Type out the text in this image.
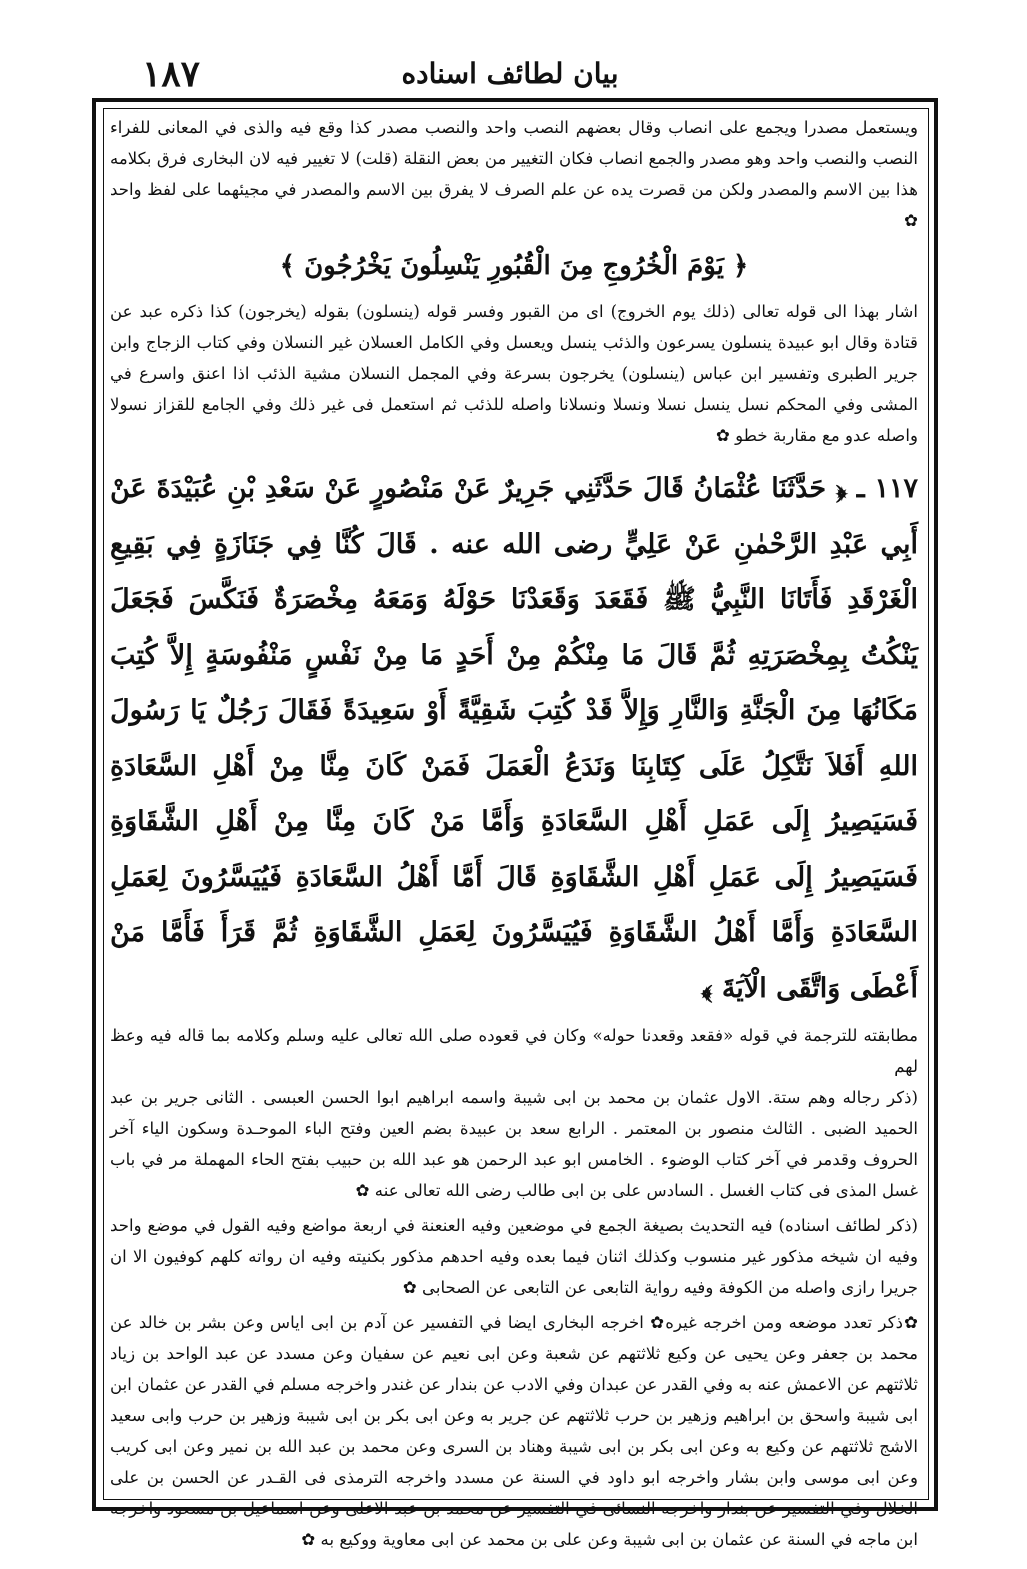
١٨٧	بيان لطائف اسناده

ويستعمل مصدرا ويجمع على انصاب وقال بعضهم النصب واحد والنصب مصدر كذا وقع فيه والذى في المعانى للفراء النصب والنصب واحد وهو مصدر والجمع انصاب فكان التغيير من بعض النقلة (قلت) لا تغيير فيه لان البخارى فرق بكلامه هذا بين الاسم والمصدر ولكن من قصرت يده عن علم الصرف لا يفرق بين الاسم والمصدر في مجيئهما على لفظ واحد ✿

﴿ يَوْمَ الْخُرُوجِ مِنَ الْقُبُورِ يَنْسِلُونَ يَخْرُجُونَ ﴾

اشار بهذا الى قوله تعالى (ذلك يوم الخروج) اى من القبور وفسر قوله (ينسلون) بقوله (يخرجون) كذا ذكره عبد عن قتادة وقال ابو عبيدة ينسلون يسرعون والذئب ينسل ويعسل وفي الكامل العسلان غير النسلان وفي كتاب الزجاج وابن جرير الطبرى وتفسير ابن عباس (ينسلون) يخرجون بسرعة وفي المجمل النسلان مشية الذئب اذا اعنق واسرع في المشى وفي المحكم نسل ينسل نسلا ونسلا ونسلانا واصله للذئب ثم استعمل فى غير ذلك وفي الجامع للقزاز نسولا واصله عدو مع مقاربة خطو ✿

١١٧ ـ ﴿ حَدَّثَنَا عُثْمَانُ قَالَ حَدَّثَنِي جَرِيرٌ عَنْ مَنْصُورٍ عَنْ سَعْدِ بْنِ عُبَيْدَةَ عَنْ أَبِي عَبْدِ الرَّحْمٰنِ عَنْ عَلِيٍّ رضى الله عنه . قَالَ كُنَّا فِي جَنَازَةٍ فِي بَقِيعِ الْغَرْقَدِ فَأَتَانَا النَّبِيُّ ﷺ فَقَعَدَ وَقَعَدْنَا حَوْلَهُ وَمَعَهُ مِخْصَرَةٌ فَنَكَّسَ فَجَعَلَ يَنْكُتُ بِمِخْصَرَتِهِ ثُمَّ قَالَ مَا مِنْكُمْ مِنْ أَحَدٍ مَا مِنْ نَفْسٍ مَنْفُوسَةٍ إِلاَّ كُتِبَ مَكَانُهَا مِنَ الْجَنَّةِ وَالنَّارِ وَإِلاَّ قَدْ كُتِبَ شَقِيَّةً أَوْ سَعِيدَةً فَقَالَ رَجُلٌ يَا رَسُولَ اللهِ أَفَلاَ نَتَّكِلُ عَلَى كِتَابِنَا وَنَدَعُ الْعَمَلَ فَمَنْ كَانَ مِنَّا مِنْ أَهْلِ السَّعَادَةِ فَسَيَصِيرُ إِلَى عَمَلِ أَهْلِ السَّعَادَةِ وَأَمَّا مَنْ كَانَ مِنَّا مِنْ أَهْلِ الشَّقَاوَةِ فَسَيَصِيرُ إِلَى عَمَلِ أَهْلِ الشَّقَاوَةِ قَالَ أَمَّا أَهْلُ السَّعَادَةِ فَيُيَسَّرُونَ لِعَمَلِ السَّعَادَةِ وَأَمَّا أَهْلُ الشَّقَاوَةِ فَيُيَسَّرُونَ لِعَمَلِ الشَّقَاوَةِ ثُمَّ قَرَأَ فَأَمَّا مَنْ أَعْطَى وَاتَّقَى الْآيَةَ ﴾

مطابقته للترجمة في قوله «فقعد وقعدنا حوله» وكان في قعوده صلى الله تعالى عليه وسلم وكلامه بما قاله فيه وعظ لهم

(ذكر رجاله وهم ستة. الاول عثمان بن محمد بن ابى شيبة واسمه ابراهيم ابوا الحسن العبسى . الثانى جرير بن عبد الحميد الضبى . الثالث منصور بن المعتمر . الرابع سعد بن عبيدة بضم العين وفتح الباء الموحـدة وسكون الياء آخر الحروف وقدمر في آخر كتاب الوضوء . الخامس ابو عبد الرحمن هو عبد الله بن حبيب بفتح الحاء المهملة مر في باب غسل المذى فى كتاب الغسل . السادس على بن ابى طالب رضى الله تعالى عنه ✿

(ذكر لطائف اسناده) فيه التحديث بصيغة الجمع في موضعين وفيه العنعنة في اربعة مواضع وفيه القول في موضع واحد وفيه ان شيخه مذكور غير منسوب وكذلك اثنان فيما بعده وفيه احدهم مذكور بكنيته وفيه ان رواته كلهم كوفيون الا ان جريرا رازى واصله من الكوفة وفيه رواية التابعى عن التابعى عن الصحابى ✿

✿ذكر تعدد موضعه ومن اخرجه غيره✿ اخرجه البخارى ايضا في التفسير عن آدم بن ابى اياس وعن بشر بن خالد عن محمد بن جعفر وعن يحيى عن وكيع ثلاثتهم عن شعبة وعن ابى نعيم عن سفيان وعن مسدد عن عبد الواحد بن زياد ثلاثتهم عن الاعمش عنه به وفي القدر عن عبدان وفي الادب عن بندار عن غندر واخرجه مسلم في القدر عن عثمان ابن ابى شيبة واسحق بن ابراهيم وزهير بن حرب ثلاثتهم عن جرير به وعن ابى بكر بن ابى شيبة وزهير بن حرب وابى سعيد الاشج ثلاثتهم عن وكيع به وعن ابى بكر بن ابى شيبة وهناد بن السرى وعن محمد بن عبد الله بن نمير وعن ابى كريب وعن ابى موسى وابن بشار واخرجه ابو داود في السنة عن مسدد واخرجه الترمذى فى القـدر عن الحسن بن على الخلال وفي التفسير عن بندار واخرجه النسائى في التفسير عن محمد بن عبد الاعلى وعن اسماعيل بن مسعود واخرجه ابن ماجه في السنة عن عثمان بن ابى شيبة وعن على بن محمد عن ابى معاوية ووكيع به ✿
